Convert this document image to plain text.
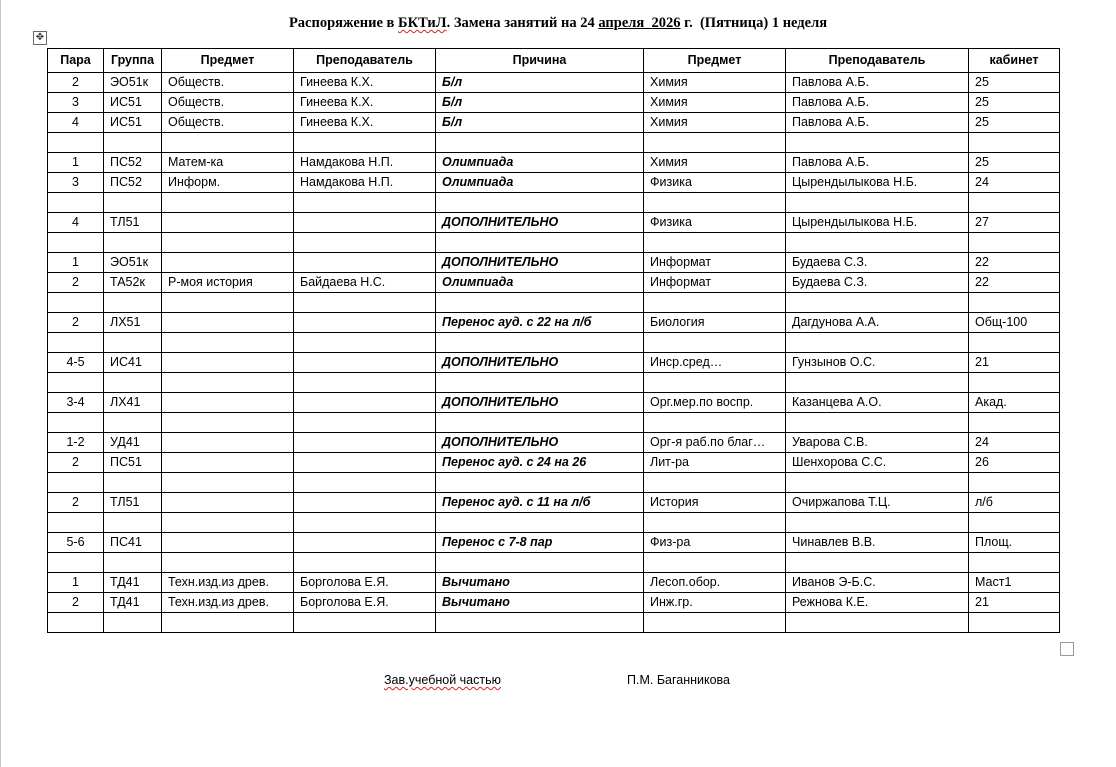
Распоряжение в БКТиЛ. Замена занятий на 24 апреля  2026 г.  (Пятница) 1 неделя
✥
Пара	Группа	Предмет	Преподаватель	Причина	Предмет	Преподаватель	кабинет
2	ЭО51к	Обществ.	Гинеева К.Х.	Б/л	Химия	Павлова А.Б.	25
3	ИС51	Обществ.	Гинеева К.Х.	Б/л	Химия	Павлова А.Б.	25
4	ИС51	Обществ.	Гинеева К.Х.	Б/л	Химия	Павлова А.Б.	25

1	ПС52	Матем-ка	Намдакова Н.П.	Олимпиада	Химия	Павлова А.Б.	25
3	ПС52	Информ.	Намдакова Н.П.	Олимпиада	Физика	Цырендылыкова Н.Б.	24

4	ТЛ51			ДОПОЛНИТЕЛЬНО	Физика	Цырендылыкова Н.Б.	27

1	ЭО51к			ДОПОЛНИТЕЛЬНО	Информат	Будаева С.З.	22
2	ТА52к	Р-моя история	Байдаева Н.С.	Олимпиада	Информат	Будаева С.З.	22

2	ЛХ51			Перенос ауд. с 22 на л/б	Биология	Дагдунова А.А.	Общ-100

4-5	ИС41			ДОПОЛНИТЕЛЬНО	Инср.сред…	Гунзынов О.С.	21

3-4	ЛХ41			ДОПОЛНИТЕЛЬНО	Орг.мер.по воспр.	Казанцева А.О.	Акад.

1-2	УД41			ДОПОЛНИТЕЛЬНО	Орг-я раб.по благ…	Уварова С.В.	24
2	ПС51			Перенос ауд. с 24 на 26	Лит-ра	Шенхорова С.С.	26

2	ТЛ51			Перенос ауд. с 11 на л/б	История	Очиржапова Т.Ц.	л/б

5-6	ПС41			Перенос с 7-8 пар	Физ-ра	Чинавлев В.В.	Площ.

1	ТД41	Техн.изд.из древ.	Борголова Е.Я.	Вычитано	Лесоп.обор.	Иванов Э-Б.С.	Маст1
2	ТД41	Техн.изд.из древ.	Борголова Е.Я.	Вычитано	Инж.гр.	Режнова К.Е.	21

Зав.учебной частью	П.М. Баганникова
